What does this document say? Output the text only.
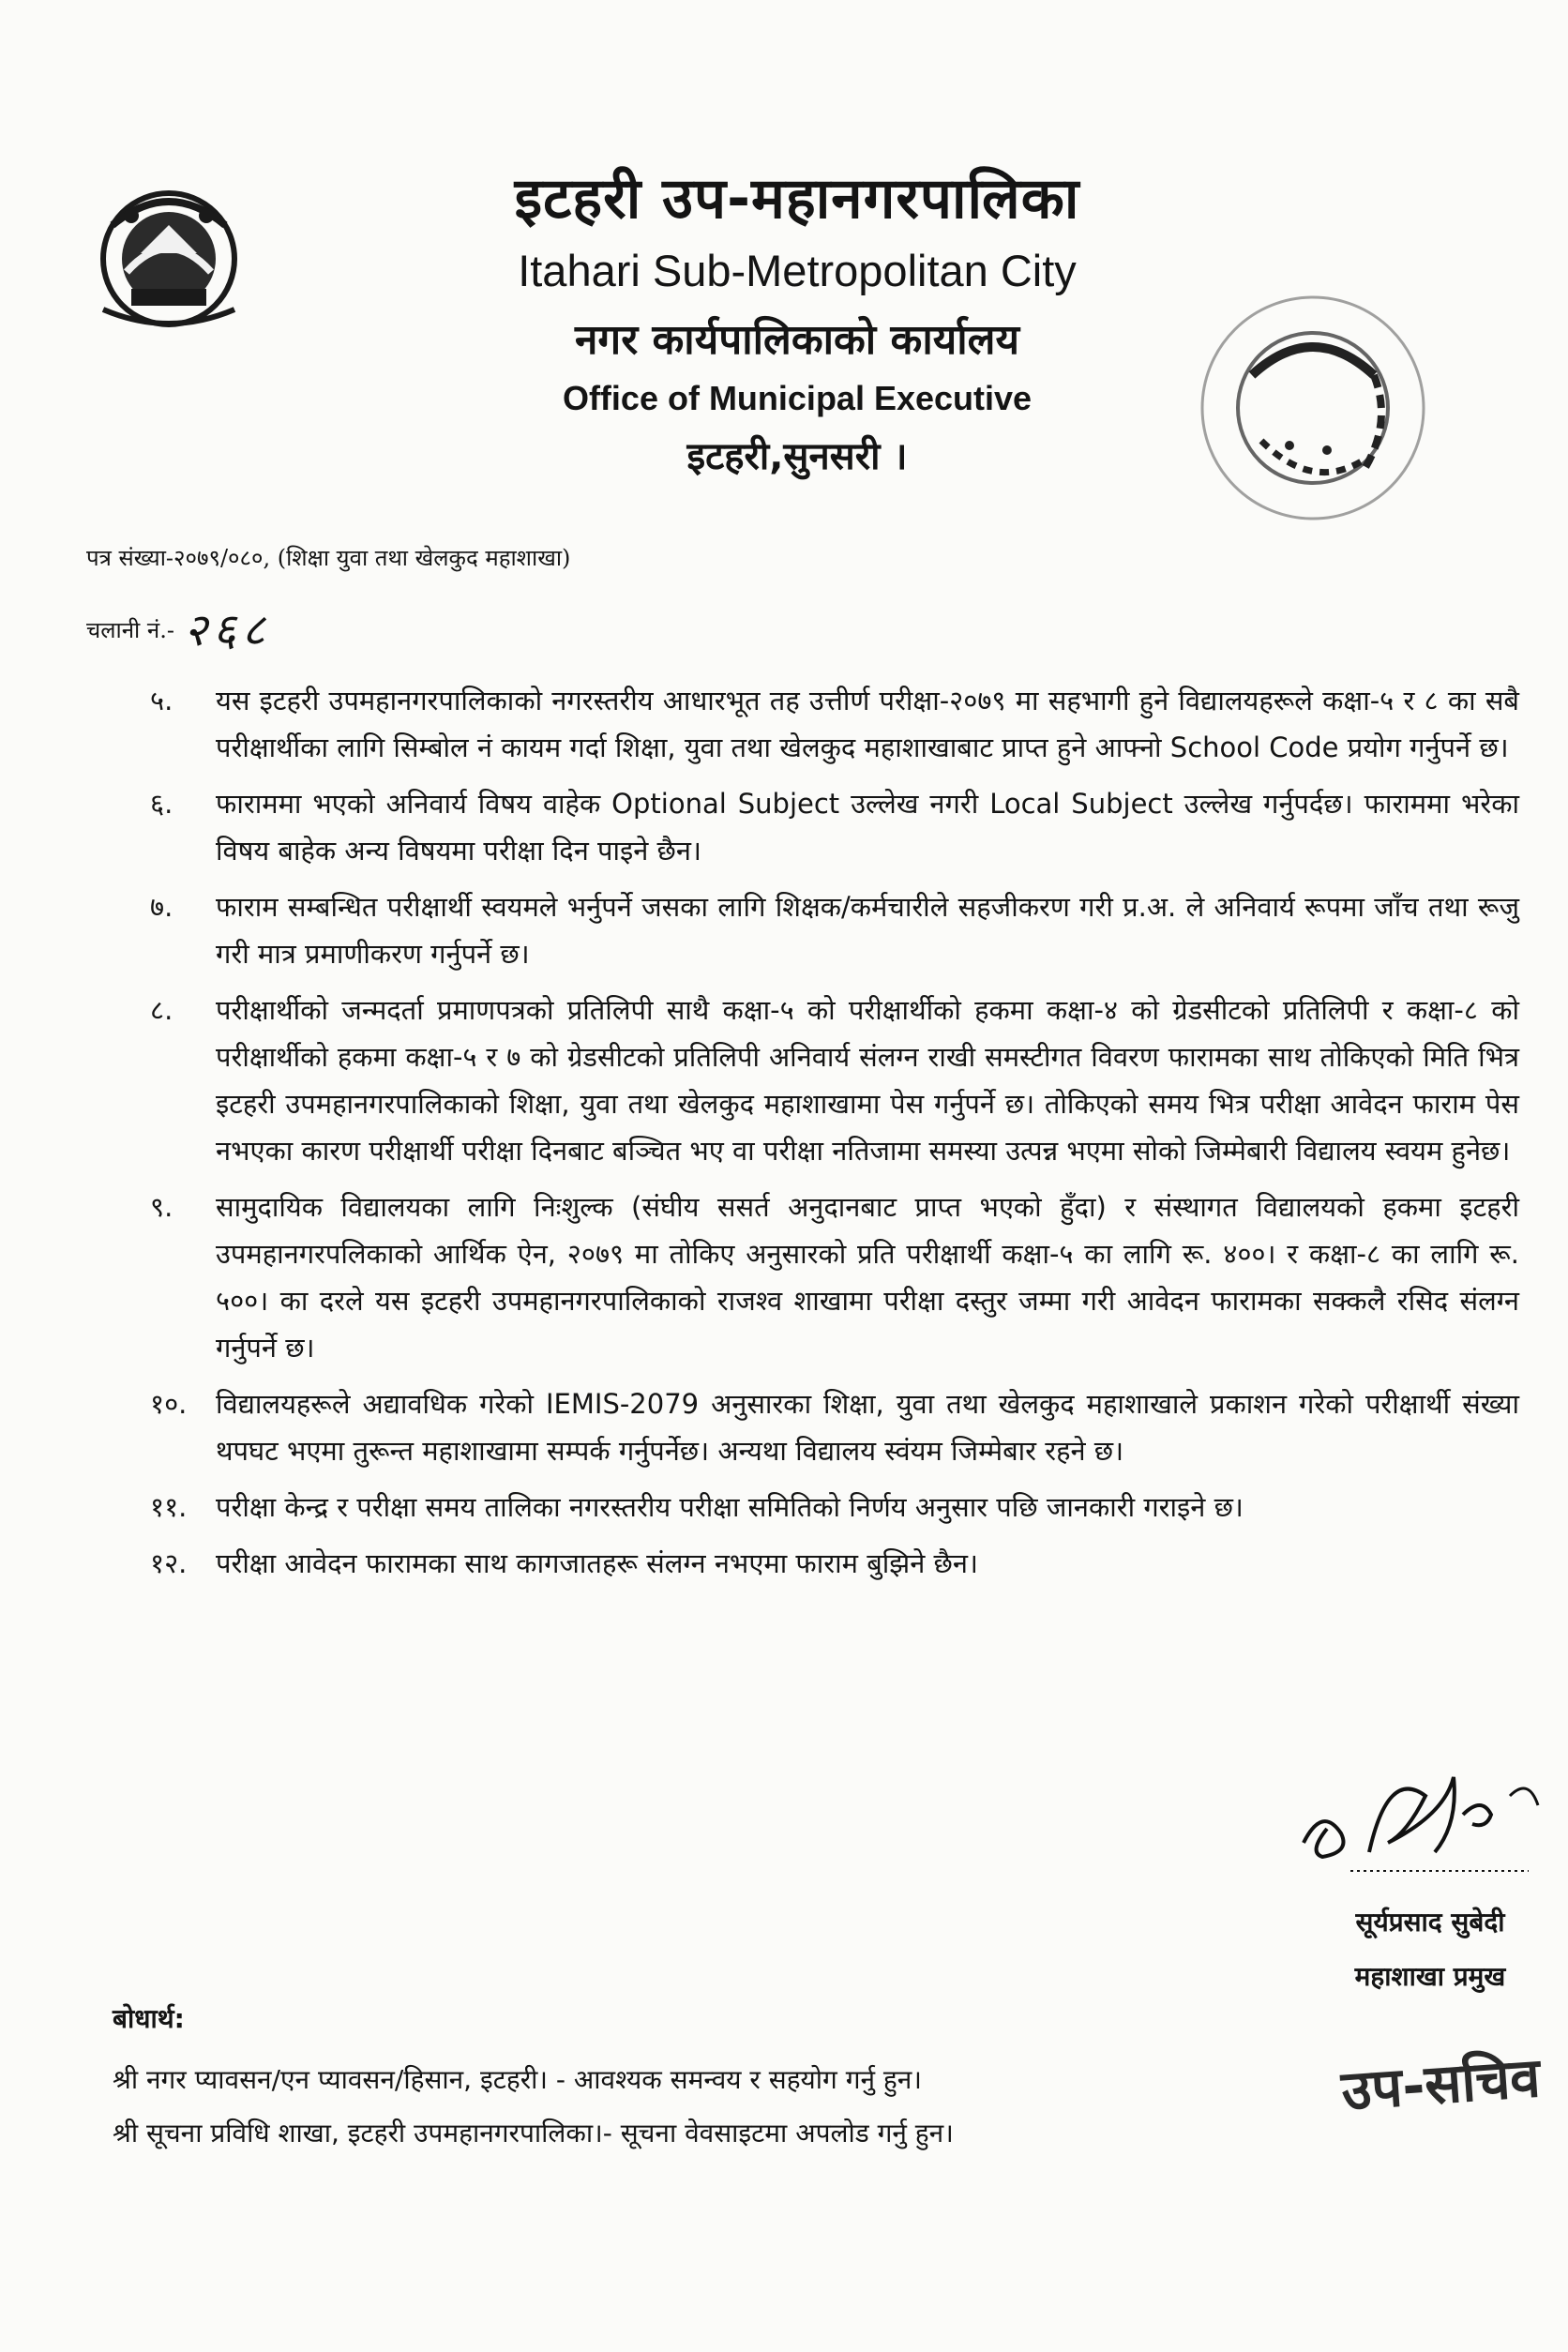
इटहरी उप-महानगरपालिका

Itahari Sub-Metropolitan City

नगर कार्यपालिकाको कार्यालय

Office of Municipal Executive

इटहरी,सुनसरी ।

पत्र संख्या-२०७९/०८०, (शिक्षा युवा तथा खेलकुद महाशाखा)
चलानी नं.- २६८
५.	यस इटहरी उपमहानगरपालिकाको नगरस्तरीय आधारभूत तह उत्तीर्ण परीक्षा-२०७९ मा सहभागी हुने विद्यालयहरूले कक्षा-५ र ८ का सबै परीक्षार्थीका लागि सिम्बोल नं कायम गर्दा शिक्षा, युवा तथा खेलकुद महाशाखाबाट प्राप्त हुने आफ्नो School Code प्रयोग गर्नुपर्ने छ।
६.	फाराममा भएको अनिवार्य विषय वाहेक Optional Subject उल्लेख नगरी Local Subject उल्लेख गर्नुपर्दछ। फाराममा भरेका विषय बाहेक अन्य विषयमा परीक्षा दिन पाइने छैन।
७.	फाराम सम्बन्धित परीक्षार्थी स्वयमले भर्नुपर्ने जसका लागि शिक्षक/कर्मचारीले सहजीकरण गरी प्र.अ. ले अनिवार्य रूपमा जाँच तथा रूजु गरी मात्र प्रमाणीकरण गर्नुपर्ने छ।
८.	परीक्षार्थीको जन्मदर्ता प्रमाणपत्रको प्रतिलिपी साथै कक्षा-५ को परीक्षार्थीको हकमा कक्षा-४ को ग्रेडसीटको प्रतिलिपी र कक्षा-८ को परीक्षार्थीको हकमा कक्षा-५ र ७ को ग्रेडसीटको प्रतिलिपी अनिवार्य संलग्न राखी समस्टीगत विवरण फारामका साथ तोकिएको मिति भित्र इटहरी उपमहानगरपालिकाको शिक्षा, युवा तथा खेलकुद महाशाखामा पेस गर्नुपर्ने छ। तोकिएको समय भित्र परीक्षा आवेदन फाराम पेस नभएका कारण परीक्षार्थी परीक्षा दिनबाट बञ्चित भए वा परीक्षा नतिजामा समस्या उत्पन्न भएमा सोको जिम्मेबारी विद्यालय स्वयम हुनेछ।
९.	सामुदायिक विद्यालयका लागि निःशुल्क (संघीय ससर्त अनुदानबाट प्राप्त भएको हुँदा) र संस्थागत विद्यालयको हकमा इटहरी उपमहानगरपलिकाको आर्थिक ऐन, २०७९ मा तोकिए अनुसारको प्रति परीक्षार्थी कक्षा-५ का लागि रू. ४००। र कक्षा-८ का लागि रू. ५००। का दरले यस इटहरी उपमहानगरपालिकाको राजश्व शाखामा परीक्षा दस्तुर जम्मा गरी आवेदन फारामका सक्कलै रसिद संलग्न गर्नुपर्ने छ।
१०.	विद्यालयहरूले अद्यावधिक गरेको IEMIS-2079 अनुसारका शिक्षा, युवा तथा खेलकुद महाशाखाले प्रकाशन गरेको परीक्षार्थी संख्या थपघट भएमा तुरून्त महाशाखामा सम्पर्क गर्नुपर्नेछ। अन्यथा विद्यालय स्वंयम जिम्मेबार रहने छ।
११.	परीक्षा केन्द्र र परीक्षा समय तालिका नगरस्तरीय परीक्षा समितिको निर्णय अनुसार पछि जानकारी गराइने छ।
१२.	परीक्षा आवेदन फारामका साथ कागजातहरू संलग्न नभएमा फाराम बुझिने छैन।
सूर्यप्रसाद सुबेदी
महाशाखा प्रमुख
बोधार्थ:
श्री नगर प्यावसन/एन प्यावसन/हिसान, इटहरी। - आवश्यक समन्वय र सहयोग गर्नु हुन।
श्री सूचना प्रविधि शाखा, इटहरी उपमहानगरपालिका।- सूचना वेवसाइटमा अपलोड गर्नु हुन।
उप-सचिव
